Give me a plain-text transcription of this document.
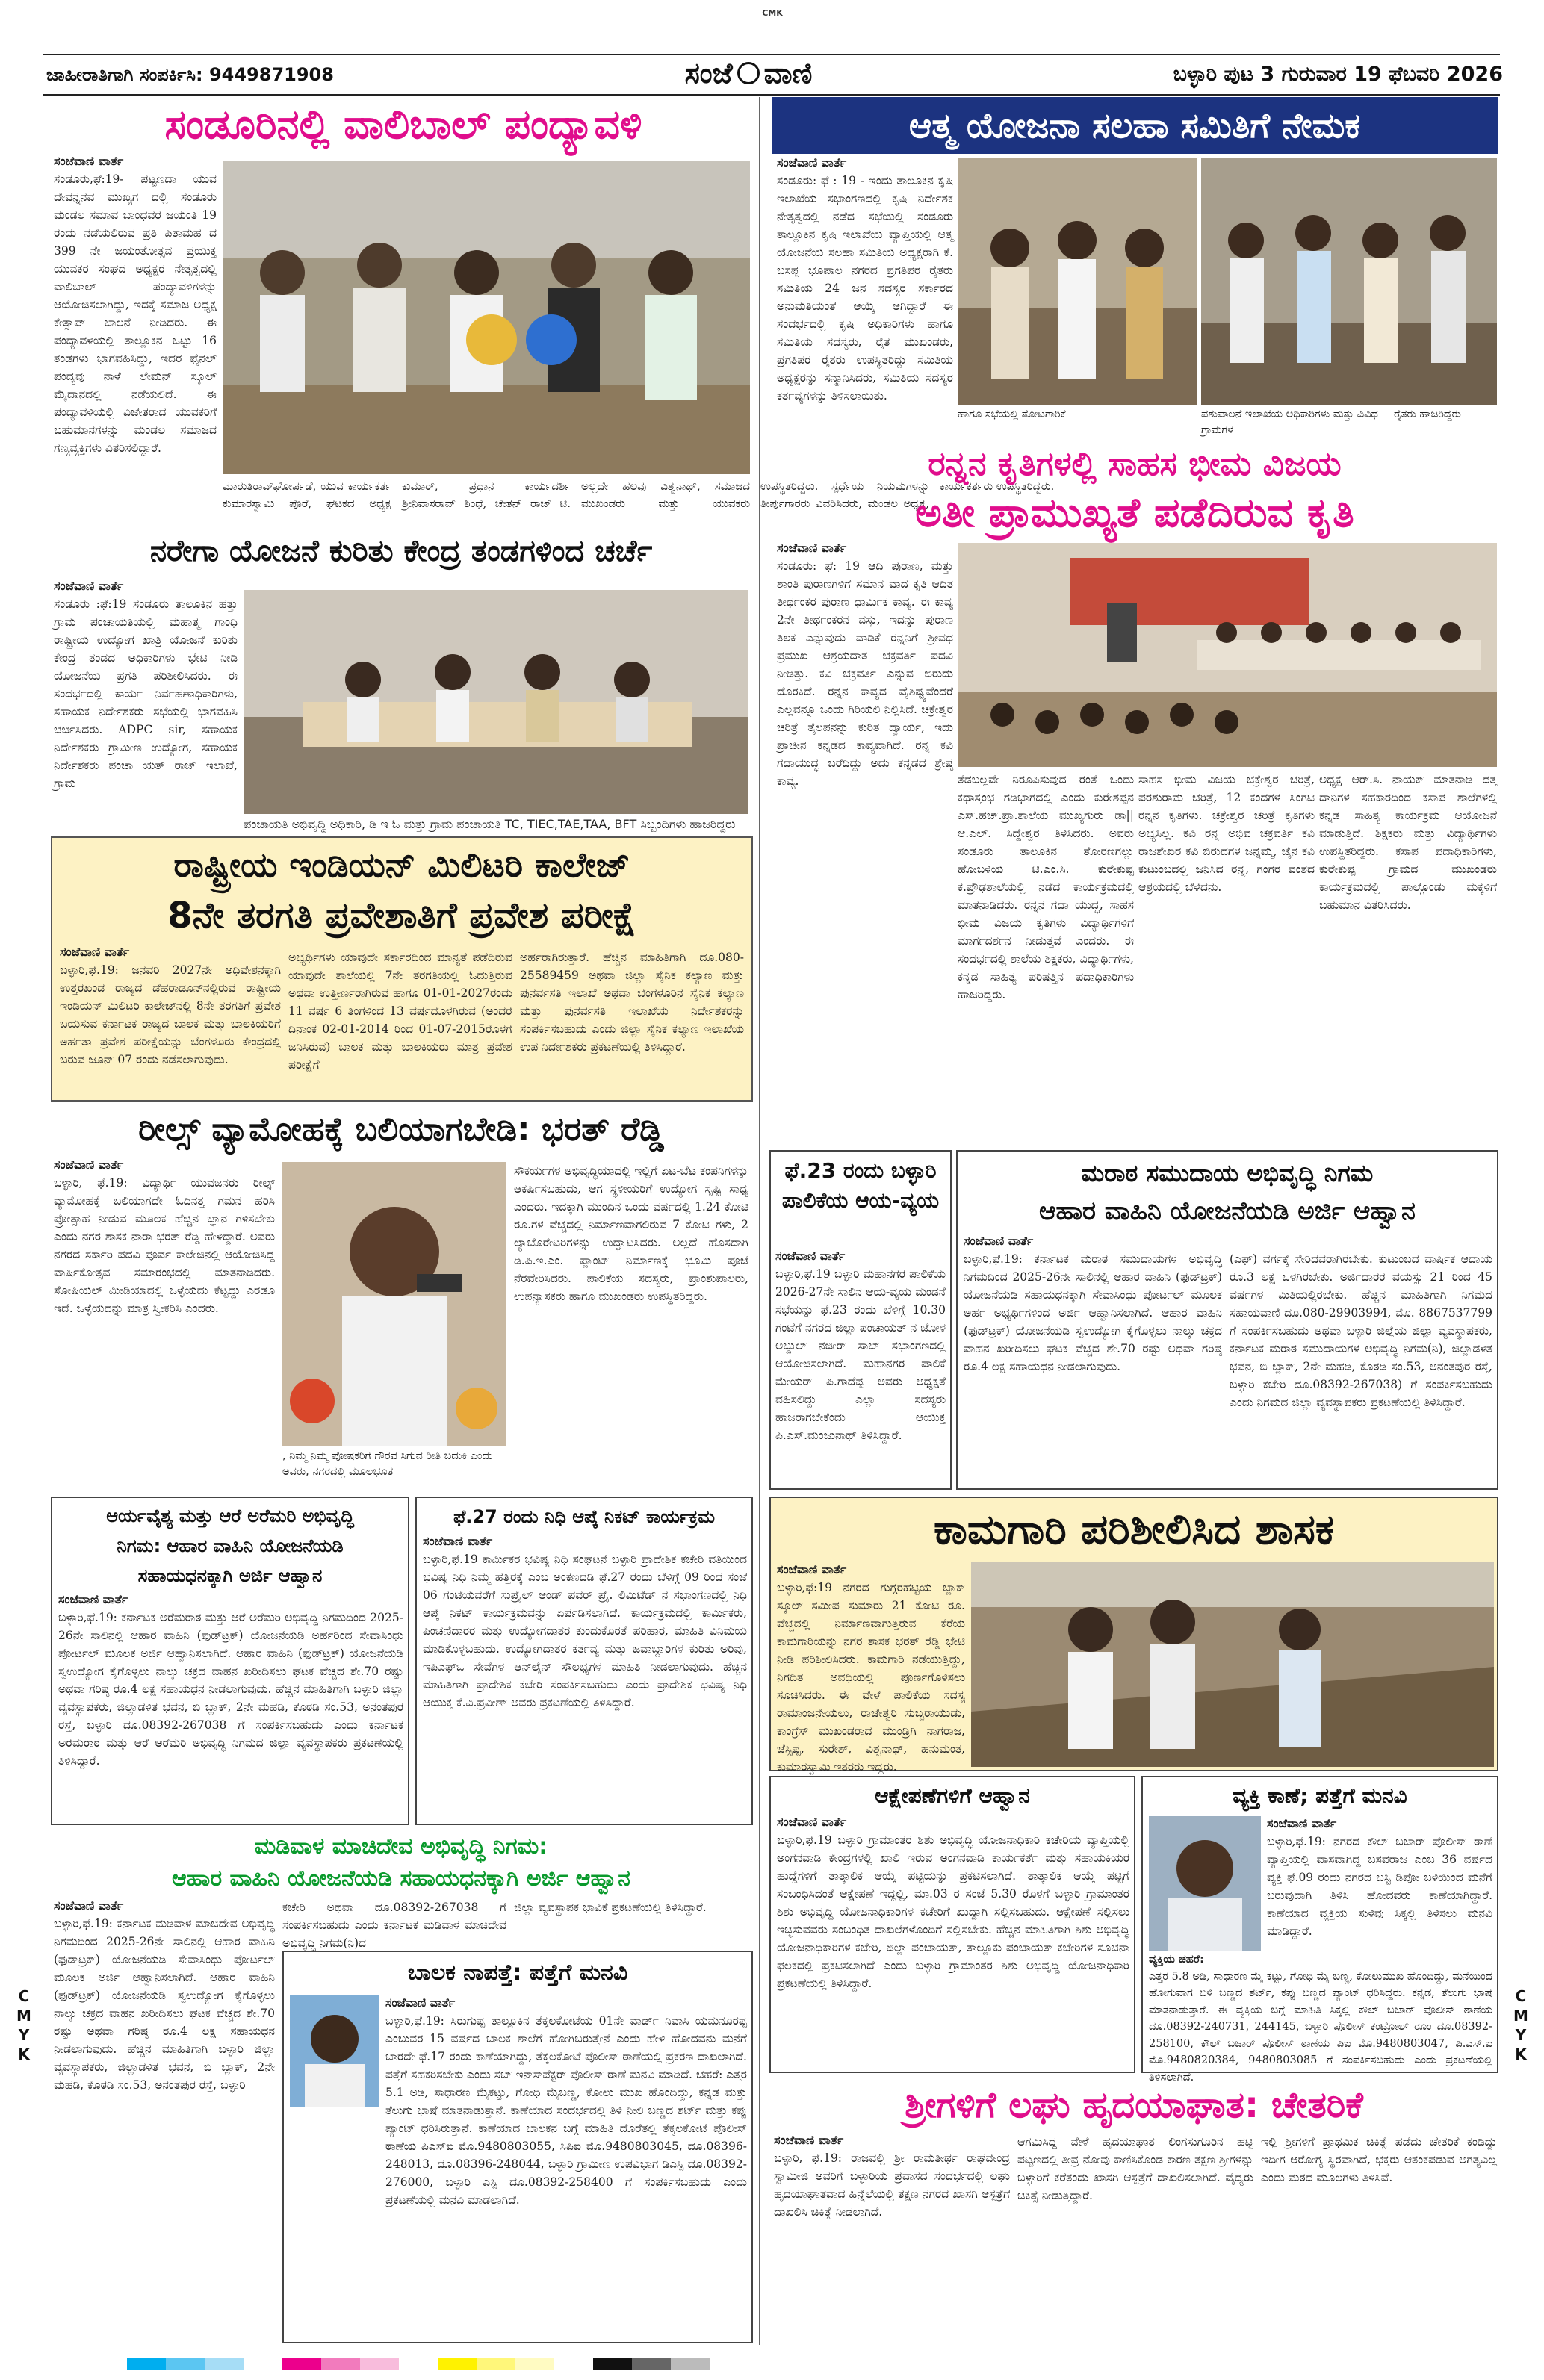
CMK
ಜಾಹೀರಾತಿಗಾಗಿ ಸಂಪರ್ಕಿಸಿ: 9449871908	ಸಂಜೆ ವಾಣಿ	ಬಳ್ಳಾರಿ ಪುಟ 3 ಗುರುವಾರ 19 ಫೆಬವರಿ 2026
ಸಂಡೂರಿನಲ್ಲಿ ವಾಲಿಬಾಲ್ ಪಂದ್ಯಾವಳಿ
ಸಂಜೆವಾಣಿ ವಾರ್ತೆ
ಸಂಡೂರು,ಫೆ:19- ಪಟ್ಟಣದಾ ಯುವ ದೇವನ್ನನವ ಮುಖ್ಯಗ ದಲ್ಲಿ ಸಂಡೂರು ಮಂಡಲ ಸಮಾವ ಬಾಂಧವರ ಜಯಂತಿ 19 ರಂದು ನಡೆಯಲಿರುವ ಪ್ರತಿ ಪಿತಾಮಹ ದ 399 ನೇ ಜಯಂತೋತ್ಸವ ಪ್ರಯುಕ್ತ ಯುವಕರ ಸಂಘದ ಅಧ್ಯಕ್ಷರ ನೇತೃತ್ವದಲ್ಲಿ ವಾಲಿಬಾಲ್ ಪಂದ್ಯಾವಳಿಗಳನ್ನು ಆಯೋಜಿಸಲಾಗಿದ್ದು, ಇದಕ್ಕೆ ಸಮಾಜ ಅಧ್ಯಕ್ಷ ಕೇತ್ಸಾಪ್ ಚಾಲನೆ ನೀಡಿದರು. ಈ ಪಂದ್ಯಾವಳಿಯಲ್ಲಿ ತಾಲ್ಲೂಕಿನ ಒಟ್ಟು 16 ತಂಡಗಳು ಭಾಗವಹಿಸಿದ್ದು, ಇದರ ಫೈನಲ್ ಪಂದ್ಯವು ನಾಳೆ ಲೇಮನ್ ಸ್ಕೂಲ್ ಮೈದಾನದಲ್ಲಿ ನಡೆಯಲಿದೆ. ಈ ಪಂದ್ಯಾವಳಿಯಲ್ಲಿ ವಿಜೇತರಾದ ಯುವಕರಿಗೆ ಬಹುಮಾನಗಳನ್ನು ಮಂಡಲ ಸಮಾಜದ ಗಣ್ಯವ್ಯಕ್ತಿಗಳು ವಿತರಿಸಲಿದ್ದಾರೆ.
ಮಾರುತಿರಾವ್‍ಘೋರ್ಪಡೆ, ಯುವ ಕಾರ್ಯಕರ್ತ ಕುಮಾರಸ್ವಾಮಿ ಪೊರೆ, ಘಟಕದ ಅಧ್ಯಕ್ಷ ಕುಮಾರ್, ಪ್ರಧಾನ ಕಾರ್ಯದರ್ಶಿ ಶ್ರೀನಿವಾಸರಾವ್ ಶಿಂಧೆ, ಚೇತನ್ ರಾಜ್ ಟಿ. ಅಲ್ಲದೇ ಹಲವು ವಿಶ್ವನಾಥ್, ಸಮಾಜದ ಮುಖಂಡರು ಮತ್ತು ಯುವಕರು ಉಪಸ್ಥಿತರಿದ್ದರು. ಸ್ಪರ್ಧೆಯ ನಿಯಮಗಳನ್ನು ತೀರ್ಪುಗಾರರು ವಿವರಿಸಿದರು, ಮಂಡಲ ಅಧ್ಯಕ್ಷ, ಕಾರ್ಯಕರ್ತರು ಉಪಸ್ಥಿತರಿದ್ದರು.
ಆತ್ಮ ಯೋಜನಾ ಸಲಹಾ ಸಮಿತಿಗೆ ನೇಮಕ
ಸಂಜೆವಾಣಿ ವಾರ್ತೆ
ಸಂಡೂರು: ಫೆ : 19 - ಇಂದು ತಾಲೂಕಿನ ಕೃಷಿ ಇಲಾಖೆಯ ಸಭಾಂಗಣದಲ್ಲಿ ಕೃಷಿ ನಿರ್ದೇಶಕ ನೇತೃತ್ವದಲ್ಲಿ ನಡೆದ ಸಭೆಯಲ್ಲಿ ಸಂಡೂರು ತಾಲ್ಲೂಕಿನ ಕೃಷಿ ಇಲಾಖೆಯ ವ್ಯಾಪ್ತಿಯಲ್ಲಿ ಆತ್ಮ ಯೋಜನೆಯ ಸಲಹಾ ಸಮಿತಿಯ ಅಧ್ಯಕ್ಷರಾಗಿ ಕೆ. ಬಸಪ್ಪ ಭೂಪಾಲ ನಗರದ ಪ್ರಗತಿಪರ ರೈತರು ಸಮಿತಿಯ 24 ಜನ ಸದಸ್ಯರ ಸರ್ಕಾರದ ಅನುಮತಿಯಂತೆ ಆಯ್ಕೆ ಆಗಿದ್ದಾರೆ ಈ ಸಂದರ್ಭದಲ್ಲಿ ಕೃಷಿ ಅಧಿಕಾರಿಗಳು ಹಾಗೂ ಸಮಿತಿಯ ಸದಸ್ಯರು, ರೈತ ಮುಖಂಡರು, ಪ್ರಗತಿಪರ ರೈತರು ಉಪಸ್ಥಿತರಿದ್ದು ಸಮಿತಿಯ ಅಧ್ಯಕ್ಷರನ್ನು ಸನ್ಮಾನಿಸಿದರು, ಸಮಿತಿಯ ಸದಸ್ಯರ ಕರ್ತವ್ಯಗಳನ್ನು ತಿಳಿಸಲಾಯಿತು.
ಹಾಗೂ ಸಭೆಯಲ್ಲಿ ತೋಟಗಾರಿಕೆ	ಪಶುಪಾಲನೆ ಇಲಾಖೆಯ ಅಧಿಕಾರಿಗಳು ಮತ್ತು ವಿವಿಧ ಗ್ರಾಮಗಳ
ರೈತರು ಹಾಜರಿದ್ದರು
ರನ್ನನ ಕೃತಿಗಳಲ್ಲಿ ಸಾಹಸ ಭೀಮ ವಿಜಯ
ಅತೀ ಪ್ರಾಮುಖ್ಯತೆ ಪಡೆದಿರುವ ಕೃತಿ
ಸಂಜೆವಾಣಿ ವಾರ್ತೆ
ಸಂಡೂರು: ಫೆ: 19 ಆದಿ ಪುರಾಣ, ಮತ್ತು ಶಾಂತಿ ಪುರಾಣಗಳಿಗೆ ಸಮಾನ ವಾದ ಕೃತಿ ಆದಿತ ತೀರ್ಥಂಕರ ಪುರಾಣ ಧಾರ್ಮಿಕ ಕಾವ್ಯ. ಈ ಕಾವ್ಯ 2ನೇ ತೀರ್ಥಂಕರನ ವಸ್ತು, ಇದನ್ನು ಪುರಾಣ ತಿಲಕ ಎನ್ನುವುದು ವಾಡಿಕೆ ರನ್ನನಿಗೆ ಶ್ರೀವಧ ಪ್ರಮುಖ ಆಶ್ರಯದಾತ ಚಕ್ರವರ್ತಿ ಪದವಿ ನೀಡಿತ್ತು. ಕವಿ ಚಕ್ರವರ್ತಿ ಎನ್ನುವ ಬಿರುದು ದೊರಕಿದೆ. ರನ್ನನ ಕಾವ್ಯದ ವೈಶಿಷ್ಟ್ಯವೆಂದರೆ ಎಲ್ಲವನ್ನೂ ಒಂದು ಗಿರಿಯಲಿ ನಿಲ್ಲಿಸಿದೆ. ಚಕ್ರೇಶ್ವರ ಚರಿತ್ರೆ ತೈಲಪನನ್ನು ಕುರಿತ ದ್ವಾರ್ಯ, ಇದು ಪ್ರಾಚೀನ ಕನ್ನಡದ ಕಾವ್ಯವಾಗಿದೆ. ರನ್ನ ಕವಿ ಗದಾಯುದ್ಧ ಬರೆದಿದ್ದು ಅದು ಕನ್ನಡದ ಶ್ರೇಷ್ಠ ಕಾವ್ಯ.	ತೆಡಬಲ್ಲವೇ ನಿರೂಪಿಸುವುದ ರಂತೆ ಒಂದು ಕಥಾಸ್ತಂಭ ಗಡಿಭಾಗದಲ್ಲಿ ಎಂದು ಕುರೇಶಪ್ಪನ ಎಸ್.ಹಚ್.ಪ್ರಾ.ಶಾಲೆಯ ಮುಖ್ಯಗುರು ಡಾ|| ಆ.ಎಲ್. ಸಿದ್ದೇಶ್ವರ ತಿಳಿಸಿದರು. ಅವರು ಸಂಡೂರು ತಾಲೂಕಿನ ತೋರಣಗಲ್ಲು ಹೋಬಳಿಯ ಟಿ.ಎಂ.ಸಿ. ಕುರೇಕುಪ್ಪ ಕ.ಪ್ರೌಢಶಾಲೆಯಲ್ಲಿ ನಡೆದ ಕಾರ್ಯಕ್ರಮದಲ್ಲಿ ಮಾತನಾಡಿದರು. ರನ್ನನ ಗದಾ ಯುದ್ಧ, ಸಾಹಸ ಭೀಮ ವಿಜಯ ಕೃತಿಗಳು ವಿದ್ಯಾರ್ಥಿಗಳಿಗೆ ಮಾರ್ಗದರ್ಶನ ನೀಡುತ್ತವೆ ಎಂದರು. ಈ ಸಂದರ್ಭದಲ್ಲಿ ಶಾಲೆಯ ಶಿಕ್ಷಕರು, ವಿದ್ಯಾರ್ಥಿಗಳು, ಕನ್ನಡ ಸಾಹಿತ್ಯ ಪರಿಷತ್ತಿನ ಪದಾಧಿಕಾರಿಗಳು ಹಾಜರಿದ್ದರು.
ಸಾಹಸ ಭೀಮ ವಿಜಯ ಚಕ್ರೇಶ್ವರ ಚರಿತ್ರೆ, ಪರಶುರಾಮ ಚರಿತ್ರೆ, 12 ಕಂದಗಳ ಸಿಂಗಟಿ ರನ್ನನ ಕೃತಿಗಳು. ಚಕ್ರೇಶ್ವರ ಚರಿತ್ರೆ ಕೃತಿಗಳು ಅಭ್ಯಸಿಲ್ಲ. ಕವಿ ರನ್ನ ಅಭಿವ ಚಕ್ರವರ್ತಿ ಕವಿ ರಾಜಶೇಖರ ಕವಿ ಬಿರುದಗಳ ಜನ್ನಮ್ಮ, ಜೈನ ಕವಿ ಕುಟುಂಬದಲ್ಲಿ ಜನಿಸಿದ ರನ್ನ, ಗಂಗರ ವಂಶದ ಆಶ್ರಯದಲ್ಲಿ ಬೆಳೆದನು.
ಅಧ್ಯಕ್ಷ ಆರ್.ಸಿ. ನಾಯಕ್ ಮಾತನಾಡಿ ದತ್ತ ದಾನಿಗಳ ಸಹಕಾರದಿಂದ ಕಸಾಪ ಶಾಲೆಗಳಲ್ಲಿ ಕನ್ನಡ ಸಾಹಿತ್ಯ ಕಾರ್ಯಕ್ರಮ ಆಯೋಜನೆ ಮಾಡುತ್ತಿದೆ. ಶಿಕ್ಷಕರು ಮತ್ತು ವಿದ್ಯಾರ್ಥಿಗಳು ಉಪಸ್ಥಿತರಿದ್ದರು. ಕಸಾಪ ಪದಾಧಿಕಾರಿಗಳು, ಕುರೇಕುಪ್ಪ ಗ್ರಾಮದ ಮುಖಂಡರು ಕಾರ್ಯಕ್ರಮದಲ್ಲಿ ಪಾಲ್ಗೊಂಡು ಮಕ್ಕಳಿಗೆ ಬಹುಮಾನ ವಿತರಿಸಿದರು.
ನರೇಗಾ ಯೋಜನೆ ಕುರಿತು ಕೇಂದ್ರ ತಂಡಗಳಿಂದ ಚರ್ಚೆ
ಸಂಜೆವಾಣಿ ವಾರ್ತೆ
ಸಂಡೂರು :ಫೆ:19 ಸಂಡೂರು ತಾಲೂಕಿನ ಹತ್ತು ಗ್ರಾಮ ಪಂಚಾಯತಿಯಲ್ಲಿ ಮಹಾತ್ಮ ಗಾಂಧಿ ರಾಷ್ಟ್ರೀಯ ಉದ್ಯೋಗ ಖಾತ್ರಿ ಯೋಜನೆ ಕುರಿತು ಕೇಂದ್ರ ತಂಡದ ಅಧಿಕಾರಿಗಳು ಭೇಟಿ ನೀಡಿ ಯೋಜನೆಯ ಪ್ರಗತಿ ಪರಿಶೀಲಿಸಿದರು. ಈ ಸಂದರ್ಭದಲ್ಲಿ ಕಾರ್ಯ ನಿರ್ವಹಣಾಧಿಕಾರಿಗಳು, ಸಹಾಯಕ ನಿರ್ದೇಶಕರು ಸಭೆಯಲ್ಲಿ ಭಾಗವಹಿಸಿ ಚರ್ಚಿಸಿದರು. ADPC sir, ಸಹಾಯಕ ನಿರ್ದೇಶಕರು ಗ್ರಾಮೀಣ ಉದ್ಯೋಗ, ಸಹಾಯಕ ನಿರ್ದೇಶಕರು ಪಂಚಾ ಯತ್ ರಾಜ್ ಇಲಾಖೆ, ಗ್ರಾಮ
ಪಂಚಾಯತಿ ಅಭಿವೃದ್ಧಿ ಅಧಿಕಾರಿ, ಡಿ ಇ ಓ ಮತ್ತು ಗ್ರಾಮ ಪಂಚಾಯತಿ TC, TIEC,TAE,TAA, BFT ಸಿಬ್ಬಂದಿಗಳು ಹಾಜರಿದ್ದರು
ರಾಷ್ಟ್ರೀಯ ಇಂಡಿಯನ್ ಮಿಲಿಟರಿ ಕಾಲೇಜ್
8ನೇ ತರಗತಿ ಪ್ರವೇಶಾತಿಗೆ ಪ್ರವೇಶ ಪರೀಕ್ಷೆ
ಸಂಜೆವಾಣಿ ವಾರ್ತೆ
ಬಳ್ಳಾರಿ,ಫೆ.19: ಜನವರಿ 2027ನೇ ಅಧಿವೇಶನಕ್ಕಾಗಿ ಉತ್ತರಖಂಡ ರಾಜ್ಯದ ಡೆಹರಾಡೂನ್‍ನಲ್ಲಿರುವ ರಾಷ್ಟ್ರೀಯ ಇಂಡಿಯನ್ ಮಿಲಿಟರಿ ಕಾಲೇಜ್‍ನಲ್ಲಿ 8ನೇ ತರಗತಿಗೆ ಪ್ರವೇಶ ಬಯಸುವ ಕರ್ನಾಟಕ ರಾಜ್ಯದ ಬಾಲಕ ಮತ್ತು ಬಾಲಕಿಯರಿಗೆ ಅರ್ಹತಾ ಪ್ರವೇಶ ಪರೀಕ್ಷೆಯನ್ನು ಬೆಂಗಳೂರು ಕೇಂದ್ರದಲ್ಲಿ ಬರುವ ಜೂನ್ 07 ರಂದು ನಡೆಸಲಾಗುವುದು.
ಅಭ್ಯರ್ಥಿಗಳು ಯಾವುದೇ ಸರ್ಕಾರದಿಂದ ಮಾನ್ಯತೆ ಪಡೆದಿರುವ ಯಾವುದೇ ಶಾಲೆಯಲ್ಲಿ 7ನೇ ತರಗತಿಯಲ್ಲಿ ಓದುತ್ತಿರುವ ಅಥವಾ ಉತ್ತೀರ್ಣರಾಗಿರುವ ಹಾಗೂ 01-01-2027ರಂದು 11 ವರ್ಷ 6 ತಿಂಗಳಿಂದ 13 ವರ್ಷದೊಳಗಿರುವ (ಅಂದರೆ ದಿನಾಂಕ 02-01-2014 ರಿಂದ 01-07-2015ರೊಳಗೆ ಜನಿಸಿರುವ) ಬಾಲಕ ಮತ್ತು ಬಾಲಕಿಯರು ಮಾತ್ರ ಪ್ರವೇಶ ಪರೀಕ್ಷೆಗೆ
ಅರ್ಹರಾಗಿರುತ್ತಾರೆ. ಹೆಚ್ಚಿನ ಮಾಹಿತಿಗಾಗಿ ದೂ.080-25589459 ಅಥವಾ ಜಿಲ್ಲಾ ಸೈನಿಕ ಕಲ್ಯಾಣ ಮತ್ತು ಪುನರ್ವಸತಿ ಇಲಾಖೆ ಅಥವಾ ಬೆಂಗಳೂರಿನ ಸೈನಿಕ ಕಲ್ಯಾಣ ಮತ್ತು ಪುನರ್ವಸತಿ ಇಲಾಖೆಯ ನಿರ್ದೇಶಕರನ್ನು ಸಂಪರ್ಕಿಸಬಹುದು ಎಂದು ಜಿಲ್ಲಾ ಸೈನಿಕ ಕಲ್ಯಾಣ ಇಲಾಖೆಯ ಉಪ ನಿರ್ದೇಶಕರು ಪ್ರಕಟಣೆಯಲ್ಲಿ ತಿಳಿಸಿದ್ದಾರೆ.
ರೀಲ್ಸ್ ವ್ಯಾಮೋಹಕ್ಕೆ ಬಲಿಯಾಗಬೇಡಿ: ಭರತ್ ರೆಡ್ಡಿ
ಸಂಜೆವಾಣಿ ವಾರ್ತೆ
ಬಳ್ಳಾರಿ, ಫೆ.19: ವಿದ್ಯಾರ್ಥಿ ಯುವಜನರು ರೀಲ್ಸ್ ವ್ಯಾಮೋಹಕ್ಕೆ ಬಲಿಯಾಗದೇ ಓದಿನತ್ತ ಗಮನ ಹರಿಸಿ ಪ್ರೋತ್ಸಾಹ ನೀಡುವ ಮೂಲಕ ಹೆಚ್ಚಿನ ಜ್ಞಾನ ಗಳಿಸಬೇಕು ಎಂದು ನಗರ ಶಾಸಕ ನಾರಾ ಭರತ್ ರೆಡ್ಡಿ ಹೇಳಿದ್ದಾರೆ. ಅವರು ನಗರದ ಸರ್ಕಾರಿ ಪದವಿ ಪೂರ್ವ ಕಾಲೇಜಿನಲ್ಲಿ ಆಯೋಜಿಸಿದ್ದ ವಾರ್ಷಿಕೋತ್ಸವ ಸಮಾರಂಭದಲ್ಲಿ ಮಾತನಾಡಿದರು. ಸೋಷಿಯಲ್ ಮೀಡಿಯಾದಲ್ಲಿ ಒಳ್ಳೆಯದು ಕೆಟ್ಟದ್ದು ಎರಡೂ ಇದೆ. ಒಳ್ಳೆಯದನ್ನು ಮಾತ್ರ ಸ್ವೀಕರಿಸಿ ಎಂದರು.
, ನಿಮ್ಮ ನಿಮ್ಮ ಪೋಷಕರಿಗೆ ಗೌರವ ಸಿಗುವ ರೀತಿ ಬದುಕಿ ಎಂದು ಅವರು, ನಗರದಲ್ಲಿ ಮೂಲಭೂತ
ಸೌಕರ್ಯಗಳ ಅಭಿವೃದ್ಧಿಯಾದಲ್ಲಿ ಇಲ್ಲಿಗೆ ಏಟ-ಬೆಟ ಕಂಪನಿಗಳನ್ನು ಆಕರ್ಷಿಸಬಹುದು, ಆಗ ಸ್ಥಳೀಯರಿಗೆ ಉದ್ಯೋಗ ಸೃಷ್ಟಿ ಸಾಧ್ಯ ಎಂದರು. ಇದಕ್ಕಾಗಿ ಮುಂದಿನ ಒಂದು ವರ್ಷದಲ್ಲಿ 1.24 ಕೋಟಿ ರೂ.ಗಳ ವೆಚ್ಚದಲ್ಲಿ ನಿರ್ಮಾಣವಾಗಲಿರುವ 7 ಕೋಟಿ ಗಳು, 2 ಲ್ಯಾಬೊರೇಟರಿಗಳನ್ನು ಉದ್ಘಾಟಿಸಿದರು. ಅಲ್ಲದೆ ಹೊಸದಾಗಿ ಡಿ.ಪಿ.ಇ.ಎಂ. ಪ್ಲಾಂಟ್ ನಿರ್ಮಾಣಕ್ಕೆ ಭೂಮಿ ಪೂಜೆ ನೆರವೇರಿಸಿದರು. ಪಾಲಿಕೆಯ ಸದಸ್ಯರು, ಪ್ರಾಂಶುಪಾಲರು, ಉಪನ್ಯಾಸಕರು ಹಾಗೂ ಮುಖಂಡರು ಉಪಸ್ಥಿತರಿದ್ದರು.
ಫೆ.23 ರಂದು ಬಳ್ಳಾರಿ ಪಾಲಿಕೆಯ ಆಯ-ವ್ಯಯ
ಸಂಜೆವಾಣಿ ವಾರ್ತೆ
ಬಳ್ಳಾರಿ,ಫೆ.19 ಬಳ್ಳಾರಿ ಮಹಾನಗರ ಪಾಲಿಕೆಯ 2026-27ನೇ ಸಾಲಿನ ಆಯ-ವ್ಯಯ ಮಂಡನೆ ಸಭೆಯನ್ನು ಫೆ.23 ರಂದು ಬೆಳಿಗ್ಗೆ 10.30 ಗಂಟೆಗೆ ನಗರದ ಜಿಲ್ಲಾ ಪಂಚಾಯತ್ ನ ಜೋಳ ಅಬ್ದುಲ್ ನಜೀರ್ ಸಾಬ್ ಸಭಾಂಗಣದಲ್ಲಿ ಆಯೋಜಿಸಲಾಗಿದೆ. ಮಹಾನಗರ ಪಾಲಿಕೆ ಮೇಯರ್ ಪಿ.ಗಾದೆಪ್ಪ ಅವರು ಅಧ್ಯಕ್ಷತೆ ವಹಿಸಲಿದ್ದು ಎಲ್ಲಾ ಸದಸ್ಯರು ಹಾಜರಾಗಬೇಕೆಂದು ಆಯುಕ್ತ ಪಿ.ಎಸ್.ಮಂಜುನಾಥ್ ತಿಳಿಸಿದ್ದಾರೆ.
ಮರಾಠ ಸಮುದಾಯ ಅಭಿವೃದ್ಧಿ ನಿಗಮ
ಆಹಾರ ವಾಹಿನಿ ಯೋಜನೆಯಡಿ ಅರ್ಜಿ ಆಹ್ವಾನ
ಸಂಜೆವಾಣಿ ವಾರ್ತೆ
ಬಳ್ಳಾರಿ,ಫೆ.19: ಕರ್ನಾಟಕ ಮರಾಠ ಸಮುದಾಯಗಳ ಅಭಿವೃದ್ಧಿ ನಿಗಮದಿಂದ 2025-26ನೇ ಸಾಲಿನಲ್ಲಿ ಆಹಾರ ವಾಹಿನಿ (ಫುಡ್‍ಟ್ರಕ್) ಯೋಜನೆಯಡಿ ಸಹಾಯಧನಕ್ಕಾಗಿ ಸೇವಾಸಿಂಧು ಪೋರ್ಟಲ್ ಮೂಲಕ ಅರ್ಹ ಅಭ್ಯರ್ಥಿಗಳಿಂದ ಅರ್ಜಿ ಆಹ್ವಾನಿಸಲಾಗಿದೆ. ಆಹಾರ ವಾಹಿನಿ (ಫುಡ್‍ಟ್ರಕ್) ಯೋಜನೆಯಡಿ ಸ್ವಉದ್ಯೋಗ ಕೈಗೊಳ್ಳಲು ನಾಲ್ಕು ಚಕ್ರದ ವಾಹನ ಖರೀದಿಸಲು ಘಟಕ ವೆಚ್ಚದ ಶೇ.70 ರಷ್ಟು ಅಥವಾ ಗರಿಷ್ಠ ರೂ.4 ಲಕ್ಷ ಸಹಾಯಧನ ನೀಡಲಾಗುವುದು.
(ಎಫ್) ವರ್ಗಕ್ಕೆ ಸೇರಿದವರಾಗಿರಬೇಕು. ಕುಟುಂಬದ ವಾರ್ಷಿಕ ಆದಾಯ ರೂ.3 ಲಕ್ಷ ಒಳಗಿರಬೇಕು. ಅರ್ಜಿದಾರರ ವಯಸ್ಸು 21 ರಿಂದ 45 ವರ್ಷಗಳ ಮಿತಿಯಲ್ಲಿರಬೇಕು. ಹೆಚ್ಚಿನ ಮಾಹಿತಿಗಾಗಿ ನಿಗಮದ ಸಹಾಯವಾಣಿ ದೂ.080-29903994, ಮೊ. 8867537799 ಗೆ ಸಂಪರ್ಕಿಸಬಹುದು ಅಥವಾ ಬಳ್ಳಾರಿ ಜಿಲ್ಲೆಯ ಜಿಲ್ಲಾ ವ್ಯವಸ್ಥಾಪಕರು, ಕರ್ನಾಟಕ ಮರಾಠ ಸಮುದಾಯಗಳ ಅಭಿವೃದ್ಧಿ ನಿಗಮ(ನಿ), ಜಿಲ್ಲಾಡಳಿತ ಭವನ, ಬಿ ಬ್ಲಾಕ್, 2ನೇ ಮಹಡಿ, ಕೊಠಡಿ ಸಂ.53, ಅನಂತಪುರ ರಸ್ತೆ, ಬಳ್ಳಾರಿ ಕಚೇರಿ ದೂ.08392-267038) ಗೆ ಸಂಪರ್ಕಿಸಬಹುದು ಎಂದು ನಿಗಮದ ಜಿಲ್ಲಾ ವ್ಯವಸ್ಥಾಪಕರು ಪ್ರಕಟಣೆಯಲ್ಲಿ ತಿಳಿಸಿದ್ದಾರೆ.
ಆರ್ಯವೈಶ್ಯ ಮತ್ತು ಆರೆ ಅರೆಮರಿ ಅಭಿವೃದ್ಧಿ
ನಿಗಮ: ಆಹಾರ ವಾಹಿನಿ ಯೋಜನೆಯಡಿ
ಸಹಾಯಧನಕ್ಕಾಗಿ ಅರ್ಜಿ ಆಹ್ವಾನ
ಸಂಜೆವಾಣಿ ವಾರ್ತೆ
ಬಳ್ಳಾರಿ,ಫೆ.19: ಕರ್ನಾಟಕ ಅರೆಮರಾಠ ಮತ್ತು ಆರೆ ಅರೆಮರಿ ಅಭಿವೃದ್ಧಿ ನಿಗಮದಿಂದ 2025-26ನೇ ಸಾಲಿನಲ್ಲಿ ಆಹಾರ ವಾಹಿನಿ (ಫುಡ್‍ಟ್ರಕ್) ಯೋಜನೆಯಡಿ ಅರ್ಹರಿಂದ ಸೇವಾಸಿಂಧು ಪೋರ್ಟಲ್ ಮೂಲಕ ಅರ್ಜಿ ಆಹ್ವಾನಿಸಲಾಗಿದೆ. ಆಹಾರ ವಾಹಿನಿ (ಫುಡ್‍ಟ್ರಕ್) ಯೋಜನೆಯಡಿ ಸ್ವಉದ್ಯೋಗ ಕೈಗೊಳ್ಳಲು ನಾಲ್ಕು ಚಕ್ರದ ವಾಹನ ಖರೀದಿಸಲು ಘಟಕ ವೆಚ್ಚದ ಶೇ.70 ರಷ್ಟು ಅಥವಾ ಗರಿಷ್ಠ ರೂ.4 ಲಕ್ಷ ಸಹಾಯಧನ ನೀಡಲಾಗುವುದು. ಹೆಚ್ಚಿನ ಮಾಹಿತಿಗಾಗಿ ಬಳ್ಳಾರಿ ಜಿಲ್ಲಾ ವ್ಯವಸ್ಥಾಪಕರು, ಜಿಲ್ಲಾಡಳಿತ ಭವನ, ಬಿ ಬ್ಲಾಕ್, 2ನೇ ಮಹಡಿ, ಕೊಠಡಿ ಸಂ.53, ಅನಂತಪುರ ರಸ್ತೆ, ಬಳ್ಳಾರಿ ದೂ.08392-267038 ಗೆ ಸಂಪರ್ಕಿಸಬಹುದು ಎಂದು ಕರ್ನಾಟಕ ಅರೆಮರಾಠ ಮತ್ತು ಆರೆ ಅರೆಮರಿ ಅಭಿವೃದ್ಧಿ ನಿಗಮದ ಜಿಲ್ಲಾ ವ್ಯವಸ್ಥಾಪಕರು ಪ್ರಕಟಣೆಯಲ್ಲಿ ತಿಳಿಸಿದ್ದಾರೆ.
ಫೆ.27 ರಂದು ನಿಧಿ ಆಪ್ಕೆ ನಿಕಟ್ ಕಾರ್ಯಕ್ರಮ
ಸಂಜೆವಾಣಿ ವಾರ್ತೆ
ಬಳ್ಳಾರಿ,ಫೆ.19 ಕಾರ್ಮಿಕರ ಭವಿಷ್ಯ ನಿಧಿ ಸಂಘಟನೆ ಬಳ್ಳಾರಿ ಪ್ರಾದೇಶಿಕ ಕಚೇರಿ ವತಿಯಿಂದ ಭವಿಷ್ಯ ನಿಧಿ ನಿಮ್ಮ ಹತ್ತಿರಕ್ಕೆ ಎಂಬ ಅಂಕಣದಡಿ ಫೆ.27 ರಂದು ಬೆಳಿಗ್ಗೆ 09 ರಿಂದ ಸಂಜೆ 06 ಗಂಟೆಯವರೆಗೆ ಸುಪ್ರೈಲ್ ಆಂಡ್ ಪವರ್ ಪ್ರೈ. ಲಿಮಿಟೆಡ್ ನ ಸಭಾಂಗಣದಲ್ಲಿ ನಿಧಿ ಆಪ್ಕೆ ನಿಕಟ್ ಕಾರ್ಯಕ್ರಮವನ್ನು ಏರ್ಪಡಿಸಲಾಗಿದೆ. ಕಾರ್ಯಕ್ರಮದಲ್ಲಿ ಕಾರ್ಮಿಕರು, ಪಿಂಚಣಿದಾರರ ಮತ್ತು ಉದ್ಯೋಗದಾತರ ಕುಂದುಕೊರತೆ ಪರಿಹಾರ, ಮಾಹಿತಿ ವಿನಿಮಯ ಮಾಡಿಕೊಳ್ಳಬಹುದು. ಉದ್ಯೋಗದಾತರ ಕರ್ತವ್ಯ ಮತ್ತು ಜವಾಬ್ದಾರಿಗಳ ಕುರಿತು ಅರಿವು, ಇಪಿಎಫ್‍ಒ ಸೇವೆಗಳ ಆನ್‍ಲೈನ್ ಸೌಲಭ್ಯಗಳ ಮಾಹಿತಿ ನೀಡಲಾಗುವುದು. ಹೆಚ್ಚಿನ ಮಾಹಿತಿಗಾಗಿ ಪ್ರಾದೇಶಿಕ ಕಚೇರಿ ಸಂಪರ್ಕಿಸಬಹುದು ಎಂದು ಪ್ರಾದೇಶಿಕ ಭವಿಷ್ಯ ನಿಧಿ ಆಯುಕ್ತ ಕೆ.ವಿ.ಪ್ರವೀಣ್ ಅವರು ಪ್ರಕಟಣೆಯಲ್ಲಿ ತಿಳಿಸಿದ್ದಾರೆ.
ಕಾಮಗಾರಿ ಪರಿಶೀಲಿಸಿದ ಶಾಸಕ
ಸಂಜೆವಾಣಿ ವಾರ್ತೆ
ಬಳ್ಳಾರಿ,ಫೆ:19 ನಗರದ ಗುಗ್ಗರಹಟ್ಟಿಯ ಬ್ಲಾಕ್ ಸ್ಕೂಲ್ ಸಮೀಪ ಸುಮಾರು 21 ಕೋಟಿ ರೂ. ವೆಚ್ಚದಲ್ಲಿ ನಿರ್ಮಾಣವಾಗುತ್ತಿರುವ ಕೆರೆಯ ಕಾಮಗಾರಿಯನ್ನು ನಗರ ಶಾಸಕ ಭರತ್ ರೆಡ್ಡಿ ಭೇಟಿ ನೀಡಿ ಪರಿಶೀಲಿಸಿದರು. ಕಾಮಗಾರಿ ನಡೆಯುತ್ತಿದ್ದು, ನಿಗದಿತ ಅವಧಿಯಲ್ಲಿ ಪೂರ್ಣಗೊಳಿಸಲು ಸೂಚಿಸಿದರು. ಈ ವೇಳೆ ಪಾಲಿಕೆಯ ಸದಸ್ಯ ರಾಮಾಂಜನೇಯಲು, ರಾಜೇಶ್ವರಿ ಸುಬ್ಬರಾಯುಡು, ಕಾಂಗ್ರೆಸ್ ಮುಖಂಡರಾದ ಮುಂಡ್ರಿಗಿ ನಾಗರಾಜ, ಜೆಸ್ಸಿಪ್ಪ, ಸುರೇಶ್, ವಿಶ್ವನಾಥ್, ಹನುಮಂತ, ಕುಮಾರಸ್ವಾಮಿ ಇತರರು ಇದ್ದರು.
ಆಕ್ಷೇಪಣೆಗಳಿಗೆ ಆಹ್ವಾನ
ಸಂಜೆವಾಣಿ ವಾರ್ತೆ
ಬಳ್ಳಾರಿ,ಫೆ.19 ಬಳ್ಳಾರಿ ಗ್ರಾಮಾಂತರ ಶಿಶು ಅಭಿವೃದ್ಧಿ ಯೋಜನಾಧಿಕಾರಿ ಕಚೇರಿಯ ವ್ಯಾಪ್ತಿಯಲ್ಲಿ ಅಂಗನವಾಡಿ ಕೇಂದ್ರಗಳಲ್ಲಿ ಖಾಲಿ ಇರುವ ಅಂಗನವಾಡಿ ಕಾರ್ಯಕರ್ತೆ ಮತ್ತು ಸಹಾಯಕಿಯರ ಹುದ್ದೆಗಳಿಗೆ ತಾತ್ಕಾಲಿಕ ಆಯ್ಕೆ ಪಟ್ಟಿಯನ್ನು ಪ್ರಕಟಿಸಲಾಗಿದೆ. ತಾತ್ಕಾಲಿಕ ಆಯ್ಕೆ ಪಟ್ಟಿಗೆ ಸಂಬಂಧಿಸಿದಂತೆ ಆಕ್ಷೇಪಣೆ ಇದ್ದಲ್ಲಿ, ಮಾ.03 ರ ಸಂಜೆ 5.30 ರೊಳಗೆ ಬಳ್ಳಾರಿ ಗ್ರಾಮಾಂತರ ಶಿಶು ಅಭಿವೃದ್ಧಿ ಯೋಜನಾಧಿಕಾರಿಗಳ ಕಚೇರಿಗೆ ಖುದ್ದಾಗಿ ಸಲ್ಲಿಸಬಹುದು. ಆಕ್ಷೇಪಣೆ ಸಲ್ಲಿಸಲು ಇಚ್ಛಿಸುವವರು ಸಂಬಂಧಿತ ದಾಖಲೆಗಳೊಂದಿಗೆ ಸಲ್ಲಿಸಬೇಕು. ಹೆಚ್ಚಿನ ಮಾಹಿತಿಗಾಗಿ ಶಿಶು ಅಭಿವೃದ್ಧಿ ಯೋಜನಾಧಿಕಾರಿಗಳ ಕಚೇರಿ, ಜಿಲ್ಲಾ ಪಂಚಾಯತ್, ತಾಲ್ಲೂಕು ಪಂಚಾಯತ್ ಕಚೇರಿಗಳ ಸೂಚನಾ ಫಲಕದಲ್ಲಿ ಪ್ರಕಟಿಸಲಾಗಿದೆ ಎಂದು ಬಳ್ಳಾರಿ ಗ್ರಾಮಾಂತರ ಶಿಶು ಅಭಿವೃದ್ಧಿ ಯೋಜನಾಧಿಕಾರಿ ಪ್ರಕಟಣೆಯಲ್ಲಿ ತಿಳಿಸಿದ್ದಾರೆ.
ವ್ಯಕ್ತಿ ಕಾಣೆ; ಪತ್ತೆಗೆ ಮನವಿ
ಸಂಜೆವಾಣಿ ವಾರ್ತೆ
ಬಳ್ಳಾರಿ,ಫೆ.19: ನಗರದ ಕೌಲ್ ಬಜಾರ್ ಪೊಲೀಸ್ ಠಾಣೆ ವ್ಯಾಪ್ತಿಯಲ್ಲಿ ವಾಸವಾಗಿದ್ದ ಬಸವರಾಜ ಎಂಬ 36 ವರ್ಷದ ವ್ಯಕ್ತಿ ಫೆ.09 ರಂದು ನಗರದ ಬಸ್ಟಿ ಡಿಪೋ ಬಳಿಯಿಂದ ಮನೆಗೆ ಬರುವುದಾಗಿ ತಿಳಿಸಿ ಹೋದವರು ಕಾಣೆಯಾಗಿದ್ದಾರೆ. ಕಾಣೆಯಾದ ವ್ಯಕ್ತಿಯ ಸುಳಿವು ಸಿಕ್ಕಲ್ಲಿ ತಿಳಿಸಲು ಮನವಿ ಮಾಡಿದ್ದಾರೆ.
ವ್ಯಕ್ತಿಯ ಚಹರೆ:
ಎತ್ತರ 5.8 ಅಡಿ, ಸಾಧಾರಣ ಮೈ ಕಟ್ಟು, ಗೋಧಿ ಮೈ ಬಣ್ಣ, ಕೋಲುಮುಖ ಹೊಂದಿದ್ದು, ಮನೆಯಿಂದ ಹೋಗುವಾಗ ಬಿಳಿ ಬಣ್ಣದ ಶರ್ಟ್, ಕಪ್ಪು ಬಣ್ಣದ ಪ್ಯಾಂಟ್ ಧರಿಸಿದ್ದರು. ಕನ್ನಡ, ತೆಲುಗು ಭಾಷೆ ಮಾತನಾಡುತ್ತಾರೆ. ಈ ವ್ಯಕ್ತಿಯ ಬಗ್ಗೆ ಮಾಹಿತಿ ಸಿಕ್ಕಲ್ಲಿ ಕೌಲ್ ಬಜಾರ್ ಪೊಲೀಸ್ ಠಾಣೆಯ ದೂ.08392-240731, 244145, ಬಳ್ಳಾರಿ ಪೊಲೀಸ್ ಕಂಟ್ರೋಲ್ ರೂಂ ದೂ.08392-258100, ಕೌಲ್ ಬಜಾರ್ ಪೊಲೀಸ್ ಠಾಣೆಯ ಪಿಐ ಮೊ.9480803047, ಪಿ.ಎಸ್.ಐ ಮೊ.9480820384, 9480803085 ಗೆ ಸಂಪರ್ಕಿಸಬಹುದು ಎಂದು ಪ್ರಕಟಣೆಯಲ್ಲಿ ತಿಳಿಸಲಾಗಿದೆ.
ಮಡಿವಾಳ ಮಾಚಿದೇವ ಅಭಿವೃದ್ಧಿ ನಿಗಮ:
ಆಹಾರ ವಾಹಿನಿ ಯೋಜನೆಯಡಿ ಸಹಾಯಧನಕ್ಕಾಗಿ ಅರ್ಜಿ ಆಹ್ವಾನ
ಸಂಜೆವಾಣಿ ವಾರ್ತೆ
ಬಳ್ಳಾರಿ,ಫೆ.19: ಕರ್ನಾಟಕ ಮಡಿವಾಳ ಮಾಚಿದೇವ ಅಭಿವೃದ್ಧಿ ನಿಗಮದಿಂದ 2025-26ನೇ ಸಾಲಿನಲ್ಲಿ ಆಹಾರ ವಾಹಿನಿ (ಫುಡ್‍ಟ್ರಕ್) ಯೋಜನೆಯಡಿ ಸೇವಾಸಿಂಧು ಪೋರ್ಟಲ್ ಮೂಲಕ ಅರ್ಜಿ ಆಹ್ವಾನಿಸಲಾಗಿದೆ. ಆಹಾರ ವಾಹಿನಿ (ಫುಡ್‍ಟ್ರಕ್) ಯೋಜನೆಯಡಿ ಸ್ವಉದ್ಯೋಗ ಕೈಗೊಳ್ಳಲು ನಾಲ್ಕು ಚಕ್ರದ ವಾಹನ ಖರೀದಿಸಲು ಘಟಕ ವೆಚ್ಚದ ಶೇ.70 ರಷ್ಟು ಅಥವಾ ಗರಿಷ್ಠ ರೂ.4 ಲಕ್ಷ ಸಹಾಯಧನ ನೀಡಲಾಗುವುದು. ಹೆಚ್ಚಿನ ಮಾಹಿತಿಗಾಗಿ ಬಳ್ಳಾರಿ ಜಿಲ್ಲಾ ವ್ಯವಸ್ಥಾಪಕರು, ಜಿಲ್ಲಾಡಳಿತ ಭವನ, ಬಿ ಬ್ಲಾಕ್, 2ನೇ ಮಹಡಿ, ಕೊಠಡಿ ಸಂ.53, ಅನಂತಪುರ ರಸ್ತೆ, ಬಳ್ಳಾರಿ
ಕಚೇರಿ ಅಥವಾ ದೂ.08392-267038 ಗೆ ಸಂಪರ್ಕಿಸಬಹುದು ಎಂದು ಕರ್ನಾಟಕ ಮಡಿವಾಳ ಮಾಚಿದೇವ ಅಭಿವೃದ್ಧಿ ನಿಗಮ(ನಿ)ದ
ಜಿಲ್ಲಾ ವ್ಯವಸ್ಥಾಪಕ ಭಾವಿಕೆ ಪ್ರಕಟಣೆಯಲ್ಲಿ ತಿಳಿಸಿದ್ದಾರೆ.
ಬಾಲಕ ನಾಪತ್ತೆ: ಪತ್ತೆಗೆ ಮನವಿ
ಸಂಜೆವಾಣಿ ವಾರ್ತೆ
ಬಳ್ಳಾರಿ,ಫೆ.19: ಸಿರುಗುಪ್ಪ ತಾಲ್ಲೂಕಿನ ತೆಕ್ಕಲಕೋಟೆಯ 01ನೇ ವಾರ್ಡ್ ನಿವಾಸಿ ಯಮನೂರಪ್ಪ ಎಂಬುವರ 15 ವರ್ಷದ ಬಾಲಕ ಶಾಲೆಗೆ ಹೋಗಿಬರುತ್ತೇನೆ ಎಂದು ಹೇಳಿ ಹೋದವನು ಮನೆಗೆ ಬಾರದೇ ಫೆ.17 ರಂದು ಕಾಣೆಯಾಗಿದ್ದು, ತೆಕ್ಕಲಕೋಟೆ ಪೊಲೀಸ್ ಠಾಣೆಯಲ್ಲಿ ಪ್ರಕರಣ ದಾಖಲಾಗಿದೆ. ಪತ್ತೆಗೆ ಸಹಕರಿಸಬೇಕು ಎಂದು ಸಬ್ ಇನ್ಸ್‍ಪೆಕ್ಟರ್ ಪೊಲೀಸ್ ಠಾಣೆ ಮನವಿ ಮಾಡಿದೆ. ಚಹರೆ: ಎತ್ತರ 5.1 ಅಡಿ, ಸಾಧಾರಣ ಮೈಕಟ್ಟು, ಗೋಧಿ ಮೈಬಣ್ಣ, ಕೋಲು ಮುಖ ಹೊಂದಿದ್ದು, ಕನ್ನಡ ಮತ್ತು ತೆಲುಗು ಭಾಷೆ ಮಾತನಾಡುತ್ತಾನೆ. ಕಾಣೆಯಾದ ಸಂದರ್ಭದಲ್ಲಿ ತಿಳಿ ನೀಲಿ ಬಣ್ಣದ ಶರ್ಟ್ ಮತ್ತು ಕಪ್ಪು ಪ್ಯಾಂಟ್ ಧರಿಸಿರುತ್ತಾನೆ. ಕಾಣೆಯಾದ ಬಾಲಕನ ಬಗ್ಗೆ ಮಾಹಿತಿ ದೊರೆತಲ್ಲಿ ತೆಕ್ಕಲಕೋಟೆ ಪೊಲೀಸ್ ಠಾಣೆಯ ಪಿಎಸ್‍ಐ ಮೊ.9480803055, ಸಿಪಿಐ ಮೊ.9480803045, ದೂ.08396-248013, ದೂ.08396-248044, ಬಳ್ಳಾರಿ ಗ್ರಾಮೀಣ ಉಪವಿಭಾಗ ಡಿಎಸ್ಪಿ ದೂ.08392-276000, ಬಳ್ಳಾರಿ ಎಸ್ಪಿ ದೂ.08392-258400 ಗೆ ಸಂಪರ್ಕಿಸಬಹುದು ಎಂದು ಪ್ರಕಟಣೆಯಲ್ಲಿ ಮನವಿ ಮಾಡಲಾಗಿದೆ.
ಶ್ರೀಗಳಿಗೆ ಲಘು ಹೃದಯಾಘಾತ: ಚೇತರಿಕೆ
ಸಂಜೆವಾಣಿ ವಾರ್ತೆ
ಬಳ್ಳಾರಿ, ಫೆ.19: ರಾಜವಲ್ಲಿ ಶ್ರೀ ರಾಮತೀರ್ಥ ರಾಘವೇಂದ್ರ ಸ್ವಾಮೀಜಿ ಅವರಿಗೆ ಬಳ್ಳಾರಿಯ ಪ್ರವಾಸದ ಸಂದರ್ಭದಲ್ಲಿ ಲಘು ಹೃದಯಾಘಾತವಾದ ಹಿನ್ನೆಲೆಯಲ್ಲಿ ತಕ್ಷಣ ನಗರದ ಖಾಸಗಿ ಆಸ್ಪತ್ರೆಗೆ ದಾಖಲಿಸಿ ಚಿಕಿತ್ಸೆ ನೀಡಲಾಗಿದೆ.
ಆಗಮಿಸಿದ್ದ ವೇಳೆ ಹೃದಯಾಘಾತ ಲಿಂಗಸುಗೂರಿನ ಹಟ್ಟಿ ಪಟ್ಟಣದಲ್ಲಿ ತೀವ್ರ ನೋವು ಕಾಣಿಸಿಕೊಂಡ ಕಾರಣ ತಕ್ಷಣ ಶ್ರೀಗಳನ್ನು ಬಳ್ಳಾರಿಗೆ ಕರೆತಂದು ಖಾಸಗಿ ಆಸ್ಪತ್ರೆಗೆ ದಾಖಲಿಸಲಾಗಿದೆ. ವೈದ್ಯರು ಚಿಕಿತ್ಸೆ ನೀಡುತ್ತಿದ್ದಾರೆ.
ಇಲ್ಲಿ ಶ್ರೀಗಳಿಗೆ ಪ್ರಾಥಮಿಕ ಚಿಕಿತ್ಸೆ ಪಡೆದು ಚೇತರಿಕೆ ಕಂಡಿದ್ದು ಇದೀಗ ಆರೋಗ್ಯ ಸ್ಥಿರವಾಗಿದೆ, ಭಕ್ತರು ಆತಂಕಪಡುವ ಅಗತ್ಯವಿಲ್ಲ ಎಂದು ಮಠದ ಮೂಲಗಳು ತಿಳಿಸಿವೆ.
CMYK
CMYK
